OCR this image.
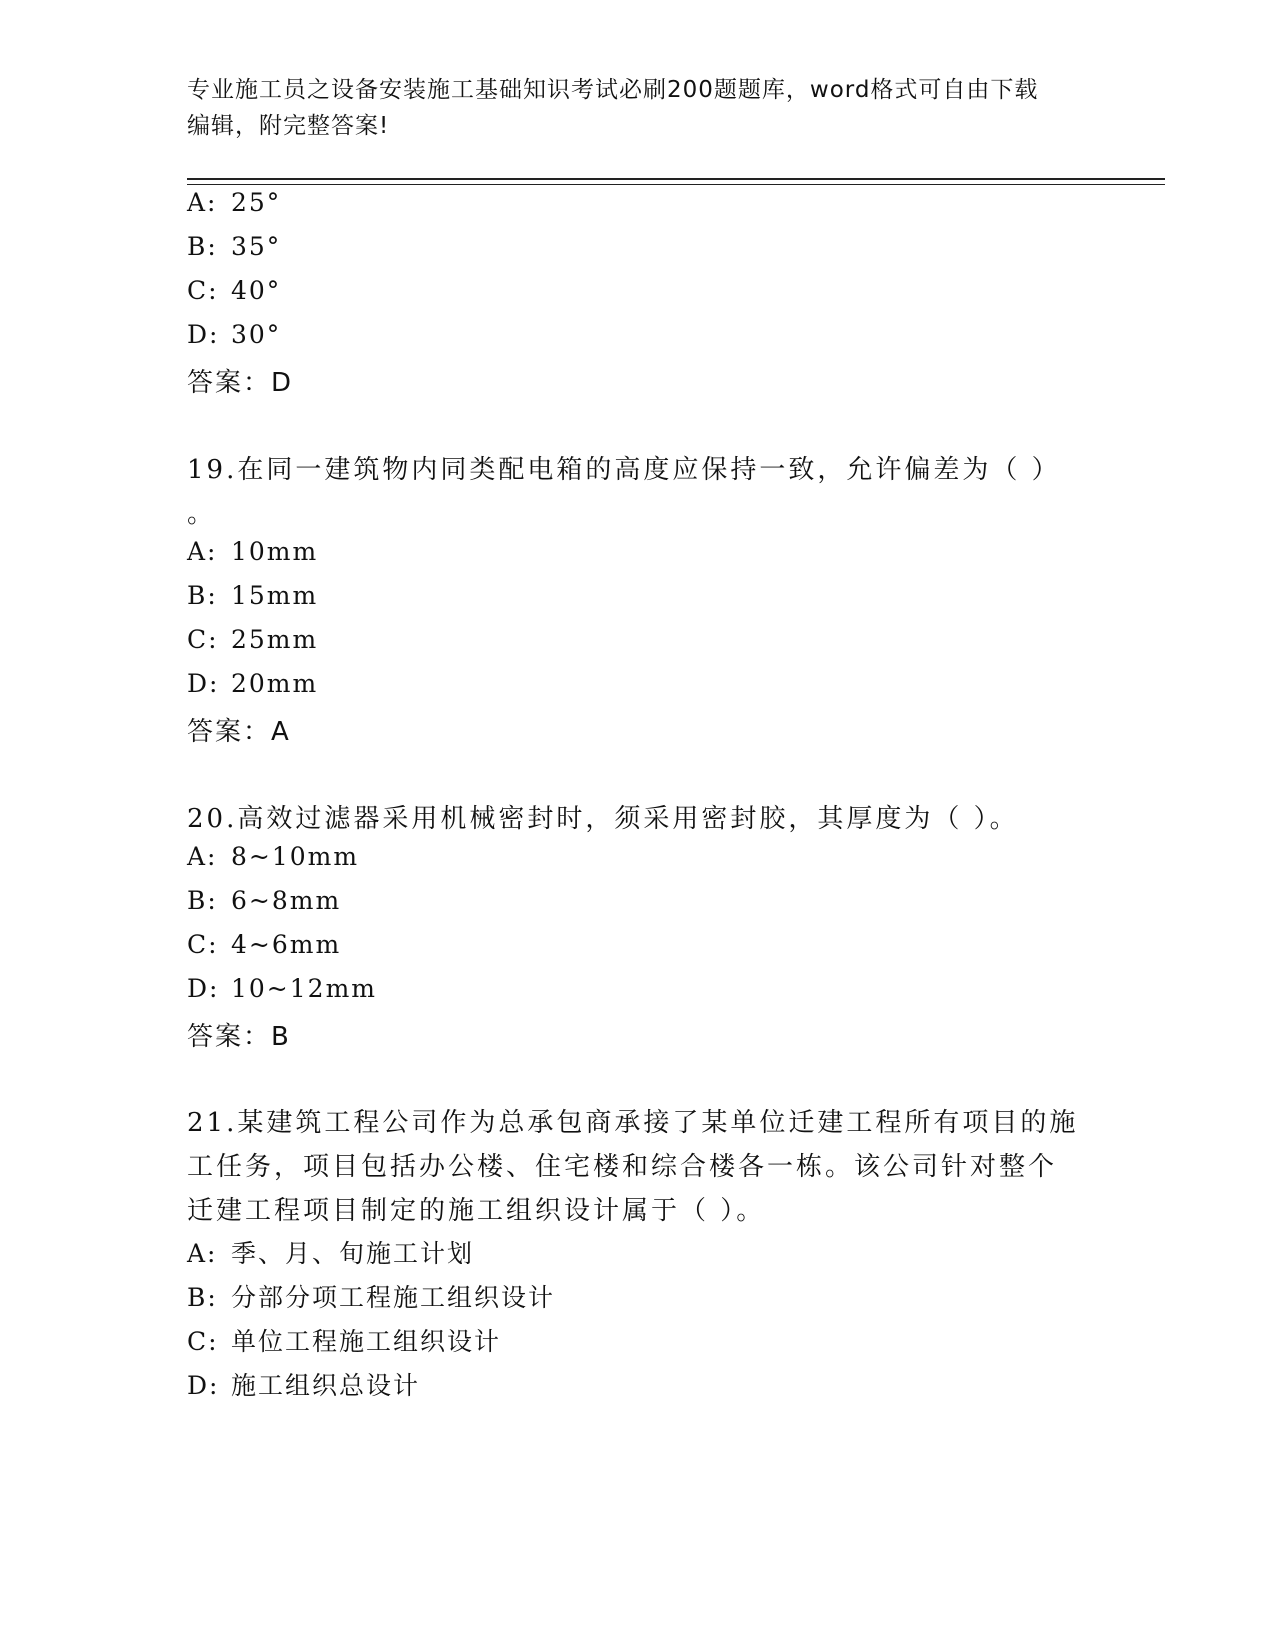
专业施工员之设备安装施工基础知识考试必刷200题题库，word格式可自由下载
编辑，附完整答案!
A: 25°
B: 35°
C: 40°
D: 30°
答案：D
19.在同一建筑物内同类配电箱的高度应保持一致，允许偏差为（ ）
。
A: 10mm
B: 15mm
C: 25mm
D: 20mm
答案：A
20.高效过滤器采用机械密封时，须采用密封胶，其厚度为（ ）。
A: 8~10mm
B: 6~8mm
C: 4~6mm
D: 10~12mm
答案：B
21.某建筑工程公司作为总承包商承接了某单位迁建工程所有项目的施
工任务，项目包括办公楼、住宅楼和综合楼各一栋。该公司针对整个
迁建工程项目制定的施工组织设计属于（ ）。
A: 季、月、旬施工计划
B: 分部分项工程施工组织设计
C: 单位工程施工组织设计
D: 施工组织总设计
